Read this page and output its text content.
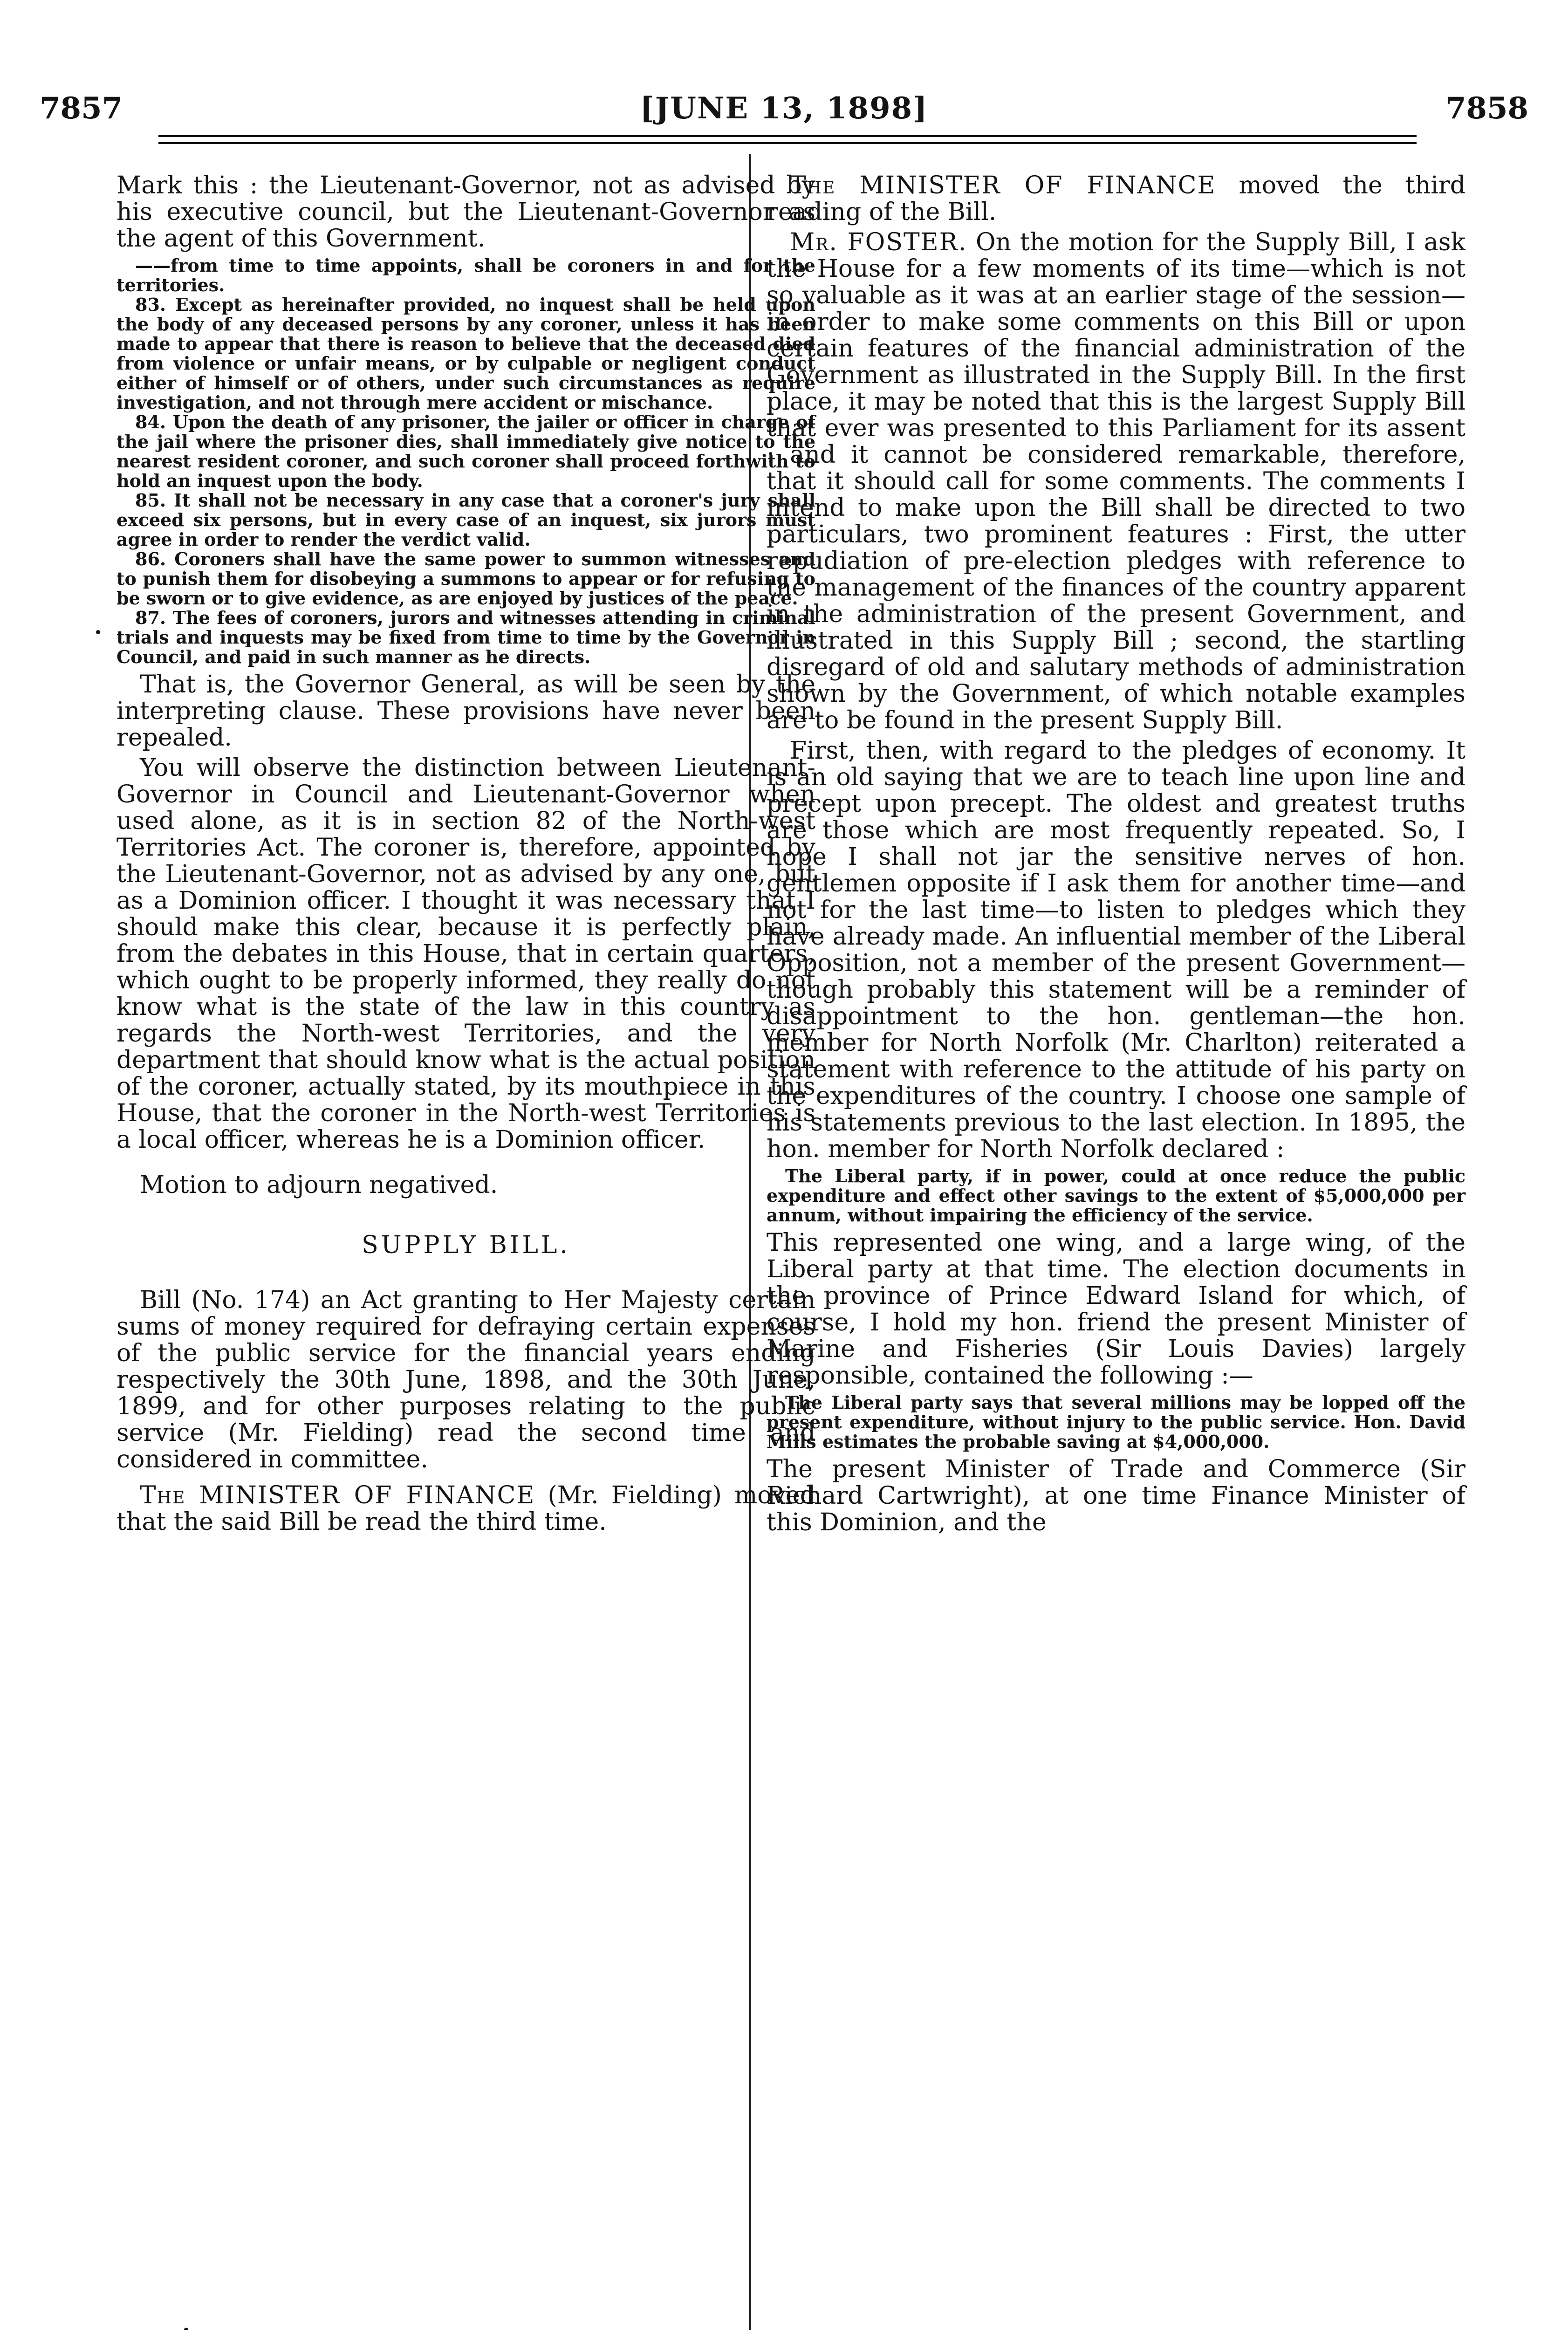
7857	[JUNE 13, 1898]	7858

Mark this : the Lieutenant-Governor, not as advised by his executive council, but the Lieutenant-Governor as the agent of this Government.

——from time to time appoints, shall be coroners in and for the territories.
83. Except as hereinafter provided, no inquest shall be held upon the body of any deceased persons by any coroner, unless it has been made to appear that there is reason to believe that the deceased died from violence or unfair means, or by culpable or negligent conduct either of himself or of others, under such circumstances as require investigation, and not through mere accident or mischance.
84. Upon the death of any prisoner, the jailer or officer in charge of the jail where the prisoner dies, shall immediately give notice to the nearest resident coroner, and such coroner shall proceed forthwith to hold an inquest upon the body.
85. It shall not be necessary in any case that a coroner's jury shall exceed six persons, but in every case of an inquest, six jurors must agree in order to render the verdict valid.
86. Coroners shall have the same power to summon witnesses and to punish them for disobeying a summons to appear or for refusing to be sworn or to give evidence, as are enjoyed by justices of the peace.
87. The fees of coroners, jurors and witnesses attending in criminal trials and inquests may be fixed from time to time by the Governor in Council, and paid in such manner as he directs.

That is, the Governor General, as will be seen by the interpreting clause. These provisions have never been repealed.

You will observe the distinction between Lieutenant-Governor in Council and Lieutenant-Governor when used alone, as it is in section 82 of the North-west Territories Act. The coroner is, therefore, appointed by the Lieutenant-Governor, not as advised by any one, but as a Dominion officer. I thought it was necessary that I should make this clear, because it is perfectly plain, from the debates in this House, that in certain quarters, which ought to be properly informed, they really do not know what is the state of the law in this country as regards the North-west Territories, and the very department that should know what is the actual position of the coroner, actually stated, by its mouthpiece in this House, that the coroner in the North-west Territories is a local officer, whereas he is a Dominion officer.

Motion to adjourn negatived.

SUPPLY BILL.

Bill (No. 174) an Act granting to Her Majesty certain sums of money required for defraying certain expenses of the public service for the financial years ending respectively the 30th June, 1898, and the 30th June, 1899, and for other purposes relating to the public service (Mr. Fielding) read the second time and considered in committee.

The MINISTER OF FINANCE (Mr. Fielding) moved that the said Bill be read the third time.

The MINISTER OF FINANCE moved the third reading of the Bill.

Mr. FOSTER. On the motion for the Supply Bill, I ask the House for a few moments of its time—which is not so valuable as it was at an earlier stage of the session—in order to make some comments on this Bill or upon certain features of the financial administration of the Government as illustrated in the Supply Bill. In the first place, it may be noted that this is the largest Supply Bill that ever was presented to this Parliament for its assent : and it cannot be considered remarkable, therefore, that it should call for some comments. The comments I intend to make upon the Bill shall be directed to two particulars, two prominent features : First, the utter repudiation of pre-election pledges with reference to the management of the finances of the country apparent in the administration of the present Government, and illustrated in this Supply Bill ; second, the startling disregard of old and salutary methods of administration shown by the Government, of which notable examples are to be found in the present Supply Bill.

First, then, with regard to the pledges of economy. It is an old saying that we are to teach line upon line and precept upon precept. The oldest and greatest truths are those which are most frequently repeated. So, I hope I shall not jar the sensitive nerves of hon. gentlemen opposite if I ask them for another time—and not for the last time—to listen to pledges which they have already made. An influential member of the Liberal Opposition, not a member of the present Government—though probably this statement will be a reminder of disappointment to the hon. gentleman—the hon. member for North Norfolk (Mr. Charlton) reiterated a statement with reference to the attitude of his party on the expenditures of the country. I choose one sample of his statements previous to the last election. In 1895, the hon. member for North Norfolk declared :

The Liberal party, if in power, could at once reduce the public expenditure and effect other savings to the extent of $5,000,000 per annum, without impairing the efficiency of the service.

This represented one wing, and a large wing, of the Liberal party at that time. The election documents in the province of Prince Edward Island for which, of course, I hold my hon. friend the present Minister of Marine and Fisheries (Sir Louis Davies) largely responsible, contained the following :—

The Liberal party says that several millions may be lopped off the present expenditure, without injury to the public service. Hon. David Mills estimates the probable saving at $4,000,000.

The present Minister of Trade and Commerce (Sir Richard Cartwright), at one time Finance Minister of this Dominion, and the
